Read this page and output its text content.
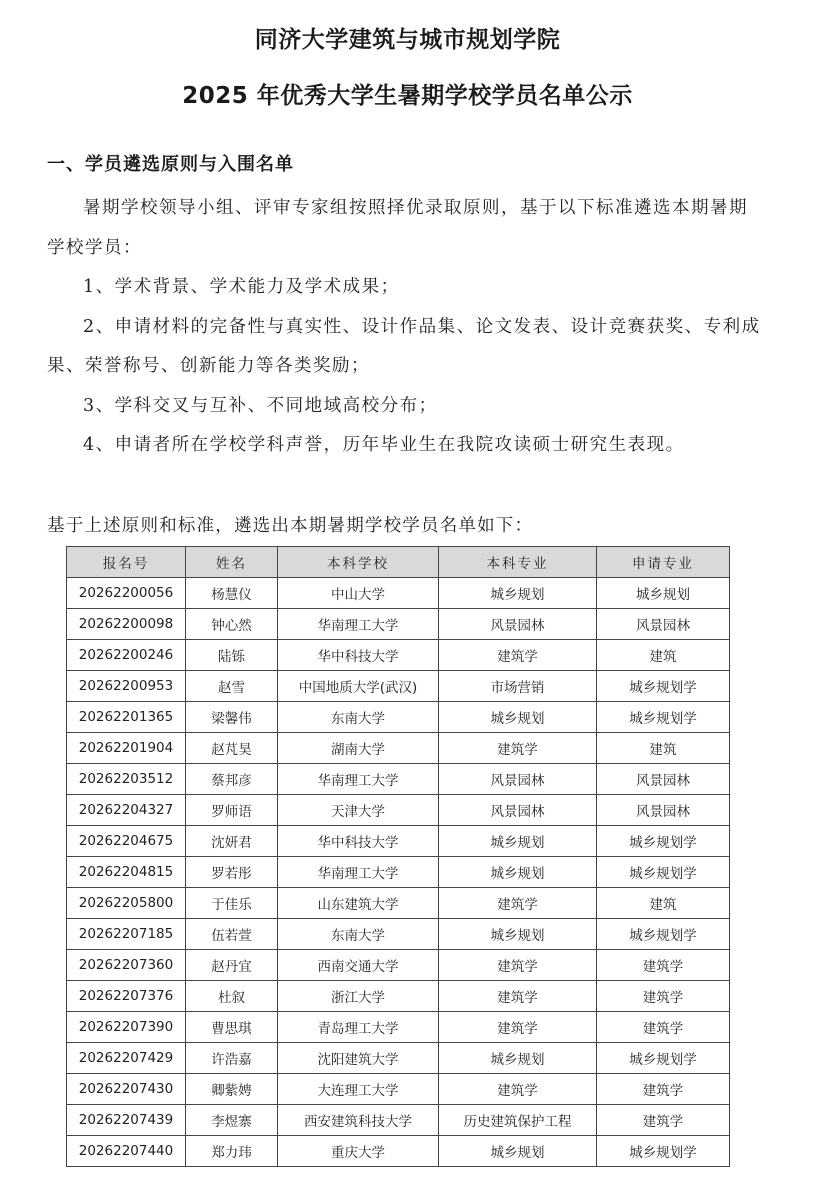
同济大学建筑与城市规划学院
2025 年优秀大学生暑期学校学员名单公示
一、学员遴选原则与入围名单
暑期学校领导小组、评审专家组按照择优录取原则，基于以下标准遴选本期暑期学校学员：
1、学术背景、学术能力及学术成果；
2、申请材料的完备性与真实性、设计作品集、论文发表、设计竞赛获奖、专利成果、荣誉称号、创新能力等各类奖励；
3、学科交叉与互补、不同地域高校分布；
4、申请者所在学校学科声誉，历年毕业生在我院攻读硕士研究生表现。
基于上述原则和标准，遴选出本期暑期学校学员名单如下：
报名号	姓名	本科学校	本科专业	申请专业
20262200056	杨慧仪	中山大学	城乡规划	城乡规划
20262200098	钟心然	华南理工大学	风景园林	风景园林
20262200246	陆铄	华中科技大学	建筑学	建筑
20262200953	赵雪	中国地质大学(武汉)	市场营销	城乡规划学
20262201365	梁馨伟	东南大学	城乡规划	城乡规划学
20262201904	赵芃昊	湖南大学	建筑学	建筑
20262203512	蔡邦彦	华南理工大学	风景园林	风景园林
20262204327	罗师语	天津大学	风景园林	风景园林
20262204675	沈妍君	华中科技大学	城乡规划	城乡规划学
20262204815	罗若彤	华南理工大学	城乡规划	城乡规划学
20262205800	于佳乐	山东建筑大学	建筑学	建筑
20262207185	伍若萱	东南大学	城乡规划	城乡规划学
20262207360	赵丹宜	西南交通大学	建筑学	建筑学
20262207376	杜叙	浙江大学	建筑学	建筑学
20262207390	曹思琪	青岛理工大学	建筑学	建筑学
20262207429	许浩嘉	沈阳建筑大学	城乡规划	城乡规划学
20262207430	卿紫娉	大连理工大学	建筑学	建筑学
20262207439	李煜寨	西安建筑科技大学	历史建筑保护工程	建筑学
20262207440	郑力玮	重庆大学	城乡规划	城乡规划学
